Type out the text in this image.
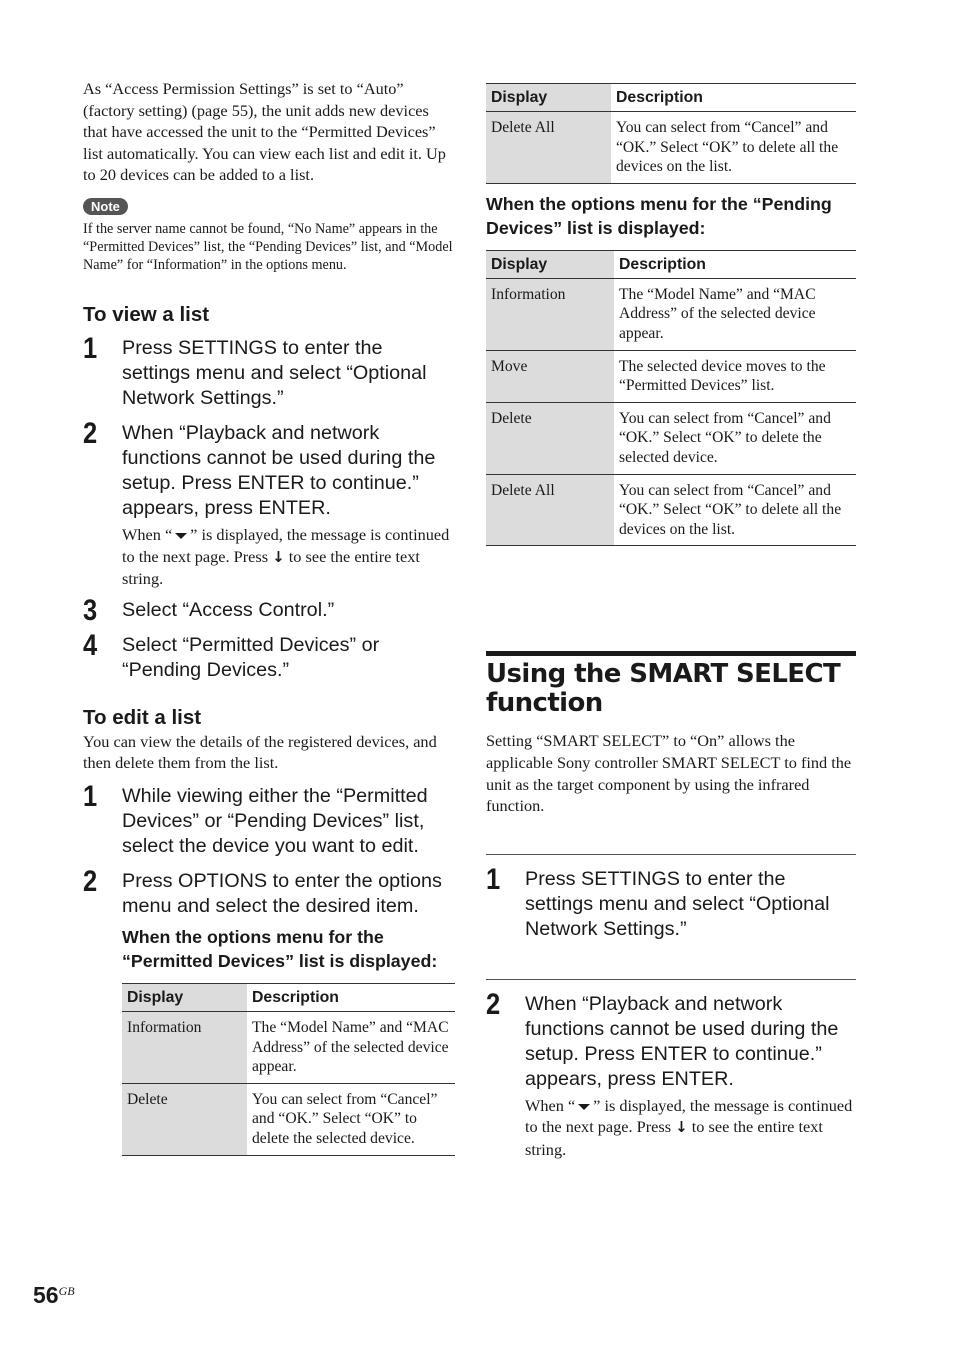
As “Access Permission Settings” is set to “Auto” (factory setting) (page 55), the unit adds new devices that have accessed the unit to the “Permitted Devices” list automatically. You can view each list and edit it. Up to 20 devices can be added to a list.

Note

If the server name cannot be found, “No Name” appears in the “Permitted Devices” list, the “Pending Devices” list, and “Model Name” for “Information” in the options menu.

To view a list
1 Press SETTINGS to enter the settings menu and select “Optional Network Settings.”
2 When “Playback and network functions cannot be used during the setup. Press ENTER to continue.” appears, press ENTER.
When “ ” is displayed, the message is continued to the next page. Press ↓ to see the entire text string.
3 Select “Access Control.”
4 Select “Permitted Devices” or “Pending Devices.”
To edit a list

You can view the details of the registered devices, and then delete them from the list.

1 While viewing either the “Permitted Devices” or “Pending Devices” list, select the device you want to edit.
2 Press OPTIONS to enter the options menu and select the desired item.
When the options menu for the “Permitted Devices” list is displayed:
Display	Description
Information	The “Model Name” and “MAC Address” of the selected device appear.
Delete	You can select from “Cancel” and “OK.” Select “OK” to delete the selected device.
Display	Description
Delete All	You can select from “Cancel” and “OK.” Select “OK” to delete all the devices on the list.
When the options menu for the “Pending Devices” list is displayed:
Display	Description
Information	The “Model Name” and “MAC Address” of the selected device appear.
Move	The selected device moves to the “Permitted Devices” list.
Delete	You can select from “Cancel” and “OK.” Select “OK” to delete the selected device.
Delete All	You can select from “Cancel” and “OK.” Select “OK” to delete all the devices on the list.
Using the SMART SELECT function

Setting “SMART SELECT” to “On” allows the applicable Sony controller SMART SELECT to find the unit as the target component by using the infrared function.

1 Press SETTINGS to enter the settings menu and select “Optional Network Settings.”
2 When “Playback and network functions cannot be used during the setup. Press ENTER to continue.” appears, press ENTER.
When “ ” is displayed, the message is continued to the next page. Press ↓ to see the entire text string.
$56^{GB}$
